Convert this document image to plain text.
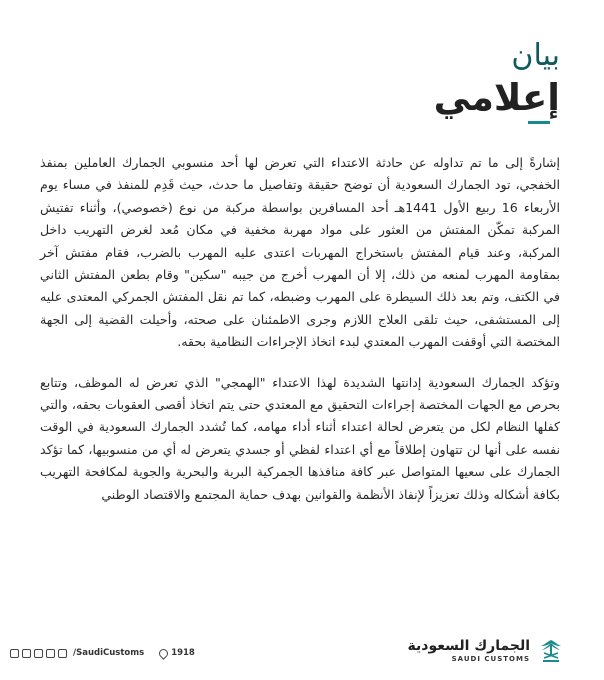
بيان
إعلامي

إشارةً إلى ما تم تداوله عن حادثة الاعتداء التي تعرض لها أحد منسوبي الجمارك العاملين بمنفذ الخفجي، تود الجمارك السعودية أن توضح حقيقة وتفاصيل ما حدث، حيث قَدِم للمنفذ في مساء يوم الأربعاء 16 ربيع الأول 1441هـ أحد المسافرين بواسطة مركبة من نوع (خصوصي)، وأثناء تفتيش المركبة تمكّن المفتش من العثور على مواد مهربة مخفية في مكان مُعد لغرض التهريب داخل المركبة، وعند قيام المفتش باستخراج المهربات اعتدى عليه المهرب بالضرب، فقام مفتش آخر بمقاومة المهرب لمنعه من ذلك، إلا أن المهرب أخرج من جيبه "سكين" وقام بطعن المفتش الثاني في الكتف، وتم بعد ذلك السيطرة على المهرب وضبطه، كما تم نقل المفتش الجمركي المعتدى عليه إلى المستشفى، حيث تلقى العلاج اللازم وجرى الاطمئنان على صحته، وأحيلت القضية إلى الجهة المختصة التي أوقفت المهرب المعتدي لبدء اتخاذ الإجراءات النظامية بحقه.

وتؤكد الجمارك السعودية إدانتها الشديدة لهذا الاعتداء "الهمجي" الذي تعرض له الموظف، وتتابع بحرص مع الجهات المختصة إجراءات التحقيق مع المعتدي حتى يتم اتخاذ أقصى العقوبات بحقه، والتي كفلها النظام لكل من يتعرض لحالة اعتداء أثناء أداء مهامه، كما تُشدد الجمارك السعودية في الوقت نفسه على أنها لن تتهاون إطلاقاً مع أي اعتداء لفظي أو جسدي يتعرض له أي من منسوبيها، كما تؤكد الجمارك على سعيها المتواصل عبر كافة منافذها الجمركية البرية والبحرية والجوية لمكافحة التهريب بكافة أشكاله وذلك تعزيزاً لإنفاذ الأنظمة والقوانين بهدف حماية المجتمع والاقتصاد الوطني

/SaudiCustoms	1918	الجمارك السعودية
SAUDI CUSTOMS
